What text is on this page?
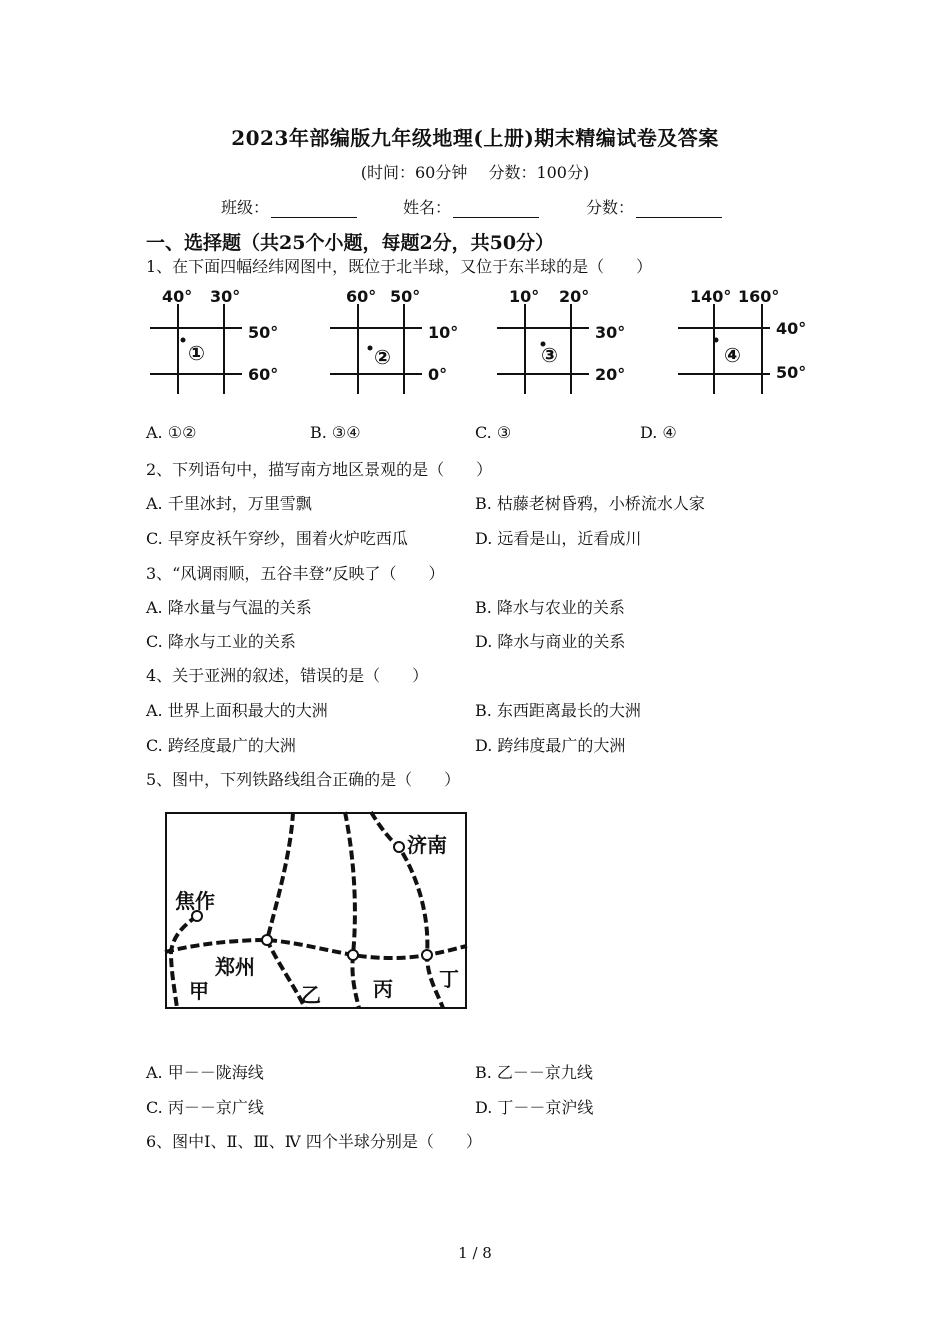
2023年部编版九年级地理(上册)期末精编试卷及答案
(时间：60分钟　 分数：100分)
班级：	姓名：	分数：
一、选择题（共25个小题，每题2分，共50分）
1、在下面四幅经纬网图中，既位于北半球，又位于东半球的是（　　）
40° 30°
50°
60°
①
60° 50°
10°
0°
②
10° 20°
30°
20°
③
140° 160°
40°
50°
④
A. ①②	B. ③④	C. ③	D. ④
2、下列语句中，描写南方地区景观的是（　　）
A. 千里冰封，万里雪飘	B. 枯藤老树昏鸦，小桥流水人家
C. 早穿皮袄午穿纱，围着火炉吃西瓜	D. 远看是山，近看成川
3、“风调雨顺，五谷丰登”反映了（　　）
A. 降水量与气温的关系	B. 降水与农业的关系
C. 降水与工业的关系	D. 降水与商业的关系
4、关于亚洲的叙述，错误的是（　　）
A. 世界上面积最大的大洲	B. 东西距离最长的大洲
C. 跨经度最广的大洲	D. 跨纬度最广的大洲
5、图中，下列铁路线组合正确的是（　　）
济南
焦作
郑州
甲	乙	丙 丁
A. 甲－－陇海线	B. 乙－－京九线
C. 丙－－京广线	D. 丁－－京沪线
6、图中Ⅰ、Ⅱ、Ⅲ、Ⅳ 四个半球分别是（　　）
1 / 8
